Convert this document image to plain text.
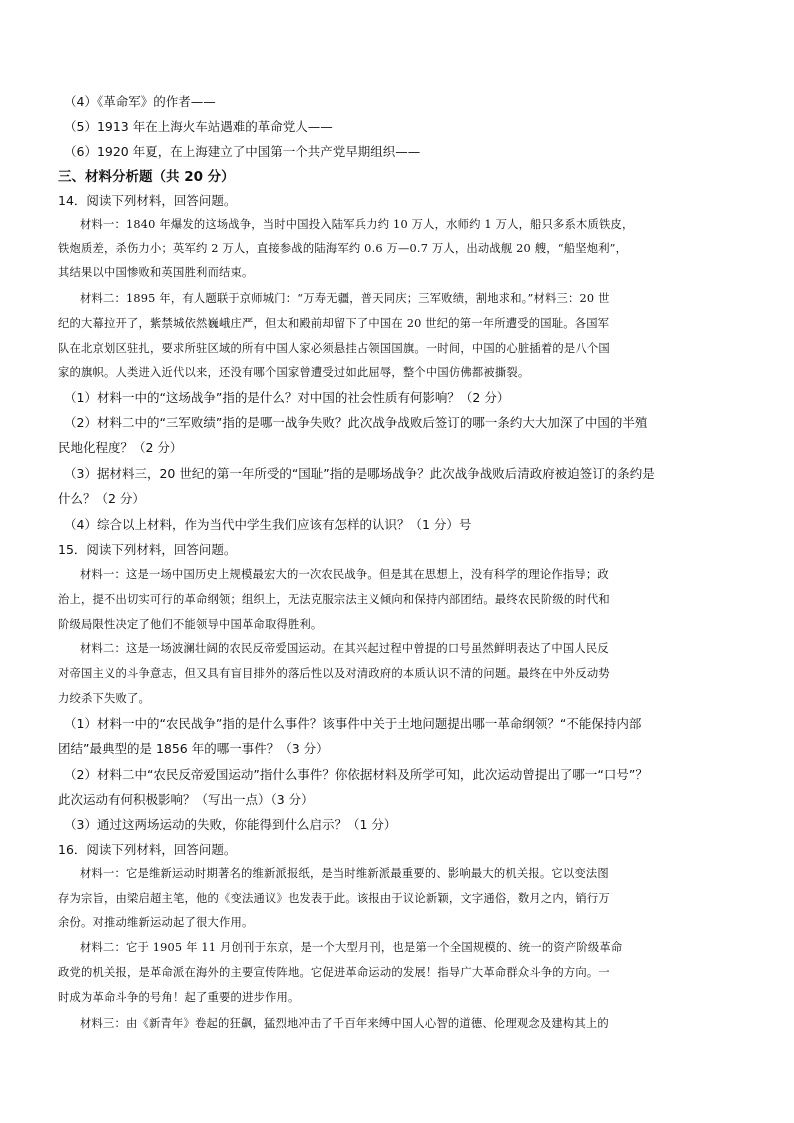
（4）《革命军》的作者——
（5）1913 年在上海火车站遇难的革命党人——
（6）1920 年夏，在上海建立了中国第一个共产党早期组织——
三、材料分析题（共 20 分）
14．阅读下列材料，回答问题。
材料一：1840 年爆发的这场战争，当时中国投入陆军兵力约 10 万人，水师约 1 万人，船只多系木质铁皮，
铁炮质差，杀伤力小；英军约 2 万人，直接参战的陆海军约 0.6 万—0.7 万人，出动战舰 20 艘，“船坚炮利”，
其结果以中国惨败和英国胜利而结束。
材料二：1895 年，有人题联于京师城门：“万寿无疆，普天同庆；三军败绩，割地求和。”材料三：20 世
纪的大幕拉开了，紫禁城依然巍峨庄严，但太和殿前却留下了中国在 20 世纪的第一年所遭受的国耻。各国军
队在北京划区驻扎，要求所驻区域的所有中国人家必须悬挂占领国国旗。一时间，中国的心脏插着的是八个国
家的旗帜。人类进入近代以来，还没有哪个国家曾遭受过如此屈辱，整个中国仿佛都被撕裂。
（1）材料一中的“这场战争”指的是什么？对中国的社会性质有何影响？（2 分）
（2）材料二中的“三军败绩”指的是哪一战争失败？此次战争战败后签订的哪一条约大大加深了中国的半殖
民地化程度？（2 分）
（3）据材料三，20 世纪的第一年所受的“国耻”指的是哪场战争？此次战争战败后清政府被迫签订的条约是
什么？（2 分）
（4）综合以上材料，作为当代中学生我们应该有怎样的认识？（1 分）号
15．阅读下列材料，回答问题。
材料一：这是一场中国历史上规模最宏大的一次农民战争。但是其在思想上，没有科学的理论作指导；政
治上，提不出切实可行的革命纲领；组织上，无法克服宗法主义倾向和保持内部团结。最终农民阶级的时代和
阶级局限性决定了他们不能领导中国革命取得胜利。
材料二：这是一场波澜壮阔的农民反帝爱国运动。在其兴起过程中曾提的口号虽然鲜明表达了中国人民反
对帝国主义的斗争意志，但又具有盲目排外的落后性以及对清政府的本质认识不清的问题。最终在中外反动势
力绞杀下失败了。
（1）材料一中的“农民战争”指的是什么事件？该事件中关于土地问题提出哪一革命纲领？“不能保持内部
团结”最典型的是 1856 年的哪一事件？（3 分）
（2）材料二中“农民反帝爱国运动”指什么事件？你依据材料及所学可知，此次运动曾提出了哪一“口号”？
此次运动有何积极影响？（写出一点）（3 分）
（3）通过这两场运动的失败，你能得到什么启示？（1 分）
16．阅读下列材料，回答问题。
材料一：它是维新运动时期著名的维新派报纸，是当时维新派最重要的、影响最大的机关报。它以变法图
存为宗旨，由梁启超主笔，他的《变法通议》也发表于此。该报由于议论新颖，文字通俗，数月之内，销行万
余份。对推动维新运动起了很大作用。
材料二：它于 1905 年 11 月创刊于东京，是一个大型月刊，也是第一个全国规模的、统一的资产阶级革命
政党的机关报，是革命派在海外的主要宣传阵地。它促进革命运动的发展！指导广大革命群众斗争的方向。一
时成为革命斗争的号角！起了重要的进步作用。
材料三：由《新青年》卷起的狂飙，猛烈地冲击了千百年来缚中国人心智的道德、伦理观念及建构其上的
